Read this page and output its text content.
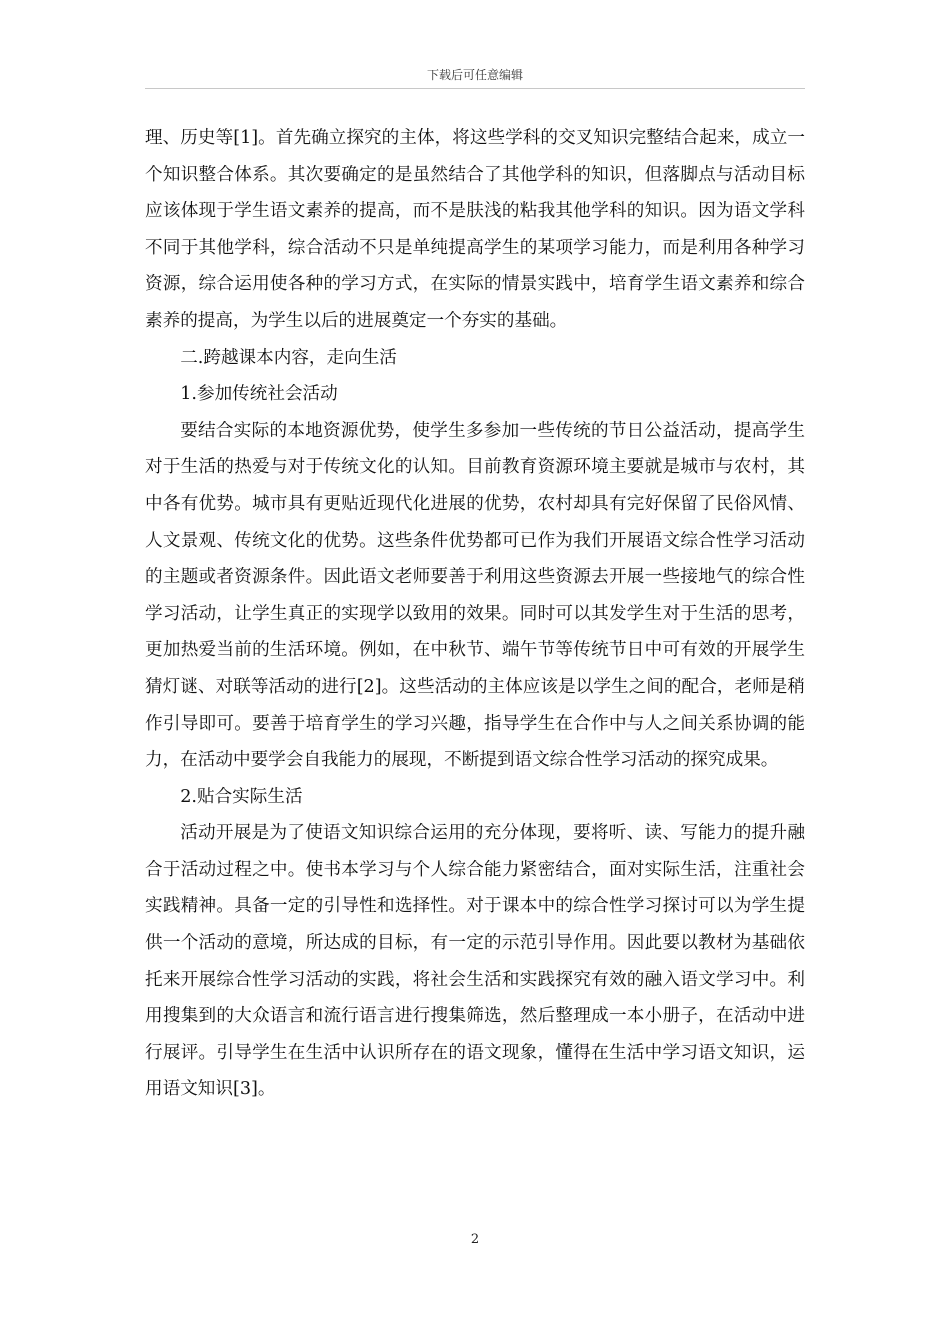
下载后可任意编辑

理、历史等[1]。首先确立探究的主体，将这些学科的交叉知识完整结合起来，成立一个知识整合体系。其次要确定的是虽然结合了其他学科的知识，但落脚点与活动目标应该体现于学生语文素养的提高，而不是肤浅的粘我其他学科的知识。因为语文学科不同于其他学科，综合活动不只是单纯提高学生的某项学习能力，而是利用各种学习资源，综合运用使各种的学习方式，在实际的情景实践中，培育学生语文素养和综合素养的提高，为学生以后的进展奠定一个夯实的基础。

二.跨越课本内容，走向生活

1.参加传统社会活动

要结合实际的本地资源优势，使学生多参加一些传统的节日公益活动，提高学生对于生活的热爱与对于传统文化的认知。目前教育资源环境主要就是城市与农村，其中各有优势。城市具有更贴近现代化进展的优势，农村却具有完好保留了民俗风情、人文景观、传统文化的优势。这些条件优势都可已作为我们开展语文综合性学习活动的主题或者资源条件。因此语文老师要善于利用这些资源去开展一些接地气的综合性学习活动，让学生真正的实现学以致用的效果。同时可以其发学生对于生活的思考，更加热爱当前的生活环境。例如，在中秋节、端午节等传统节日中可有效的开展学生猜灯谜、对联等活动的进行[2]。这些活动的主体应该是以学生之间的配合，老师是稍作引导即可。要善于培育学生的学习兴趣，指导学生在合作中与人之间关系协调的能力，在活动中要学会自我能力的展现，不断提到语文综合性学习活动的探究成果。

2.贴合实际生活

活动开展是为了使语文知识综合运用的充分体现，要将听、读、写能力的提升融合于活动过程之中。使书本学习与个人综合能力紧密结合，面对实际生活，注重社会实践精神。具备一定的引导性和选择性。对于课本中的综合性学习探讨可以为学生提供一个活动的意境，所达成的目标，有一定的示范引导作用。因此要以教材为基础依托来开展综合性学习活动的实践，将社会生活和实践探究有效的融入语文学习中。利用搜集到的大众语言和流行语言进行搜集筛选，然后整理成一本小册子，在活动中进行展评。引导学生在生活中认识所存在的语文现象，懂得在生活中学习语文知识，运用语文知识[3]。

2
